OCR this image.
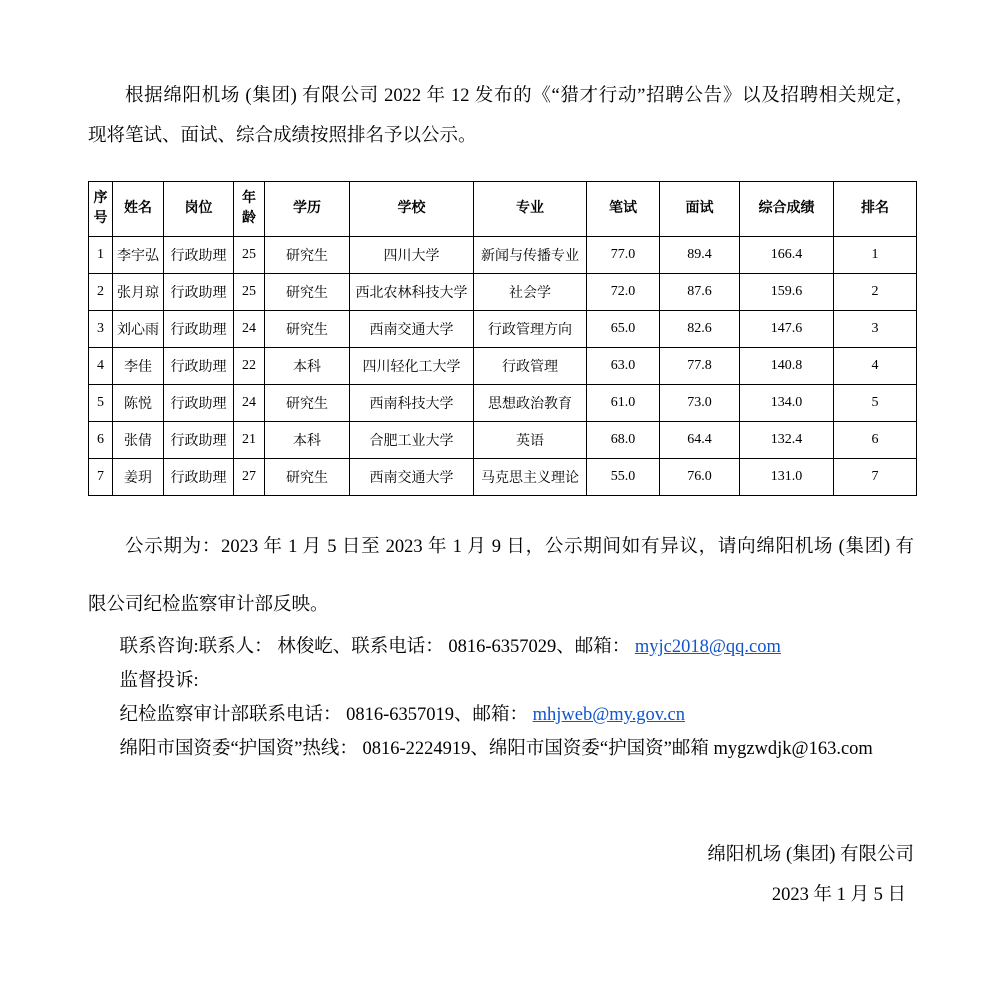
根据绵阳机场 (集团) 有限公司 2022 年 12 发布的《“猎才行动”招聘公告》以及招聘相关规定，
现将笔试、面试、综合成绩按照排名予以公示。
序号	姓名	岗位	年龄	学历	学校	专业	笔试	面试	综合成绩	排名
1	李宇弘	行政助理	25	研究生	四川大学	新闻与传播专业	77.0	89.4	166.4	1
2	张月琼	行政助理	25	研究生	西北农林科技大学	社会学	72.0	87.6	159.6	2
3	刘心雨	行政助理	24	研究生	西南交通大学	行政管理方向	65.0	82.6	147.6	3
4	李佳	行政助理	22	本科	四川轻化工大学	行政管理	63.0	77.8	140.8	4
5	陈悦	行政助理	24	研究生	西南科技大学	思想政治教育	61.0	73.0	134.0	5
6	张倩	行政助理	21	本科	合肥工业大学	英语	68.0	64.4	132.4	6
7	姜玥	行政助理	27	研究生	西南交通大学	马克思主义理论	55.0	76.0	131.0	7
公示期为：2023 年 1 月 5 日至 2023 年 1 月 9 日，公示期间如有异议，请向绵阳机场 (集团) 有
限公司纪检监察审计部反映。
联系咨询:联系人： 林俊屹、联系电话： 0816-6357029、邮箱： myjc2018@qq.com
监督投诉:
纪检监察审计部联系电话： 0816-6357019、邮箱： mhjweb@my.gov.cn
绵阳市国资委“护国资”热线： 0816-2224919、绵阳市国资委“护国资”邮箱 mygzwdjk@163.com
绵阳机场 (集团) 有限公司
2023 年 1 月 5 日
